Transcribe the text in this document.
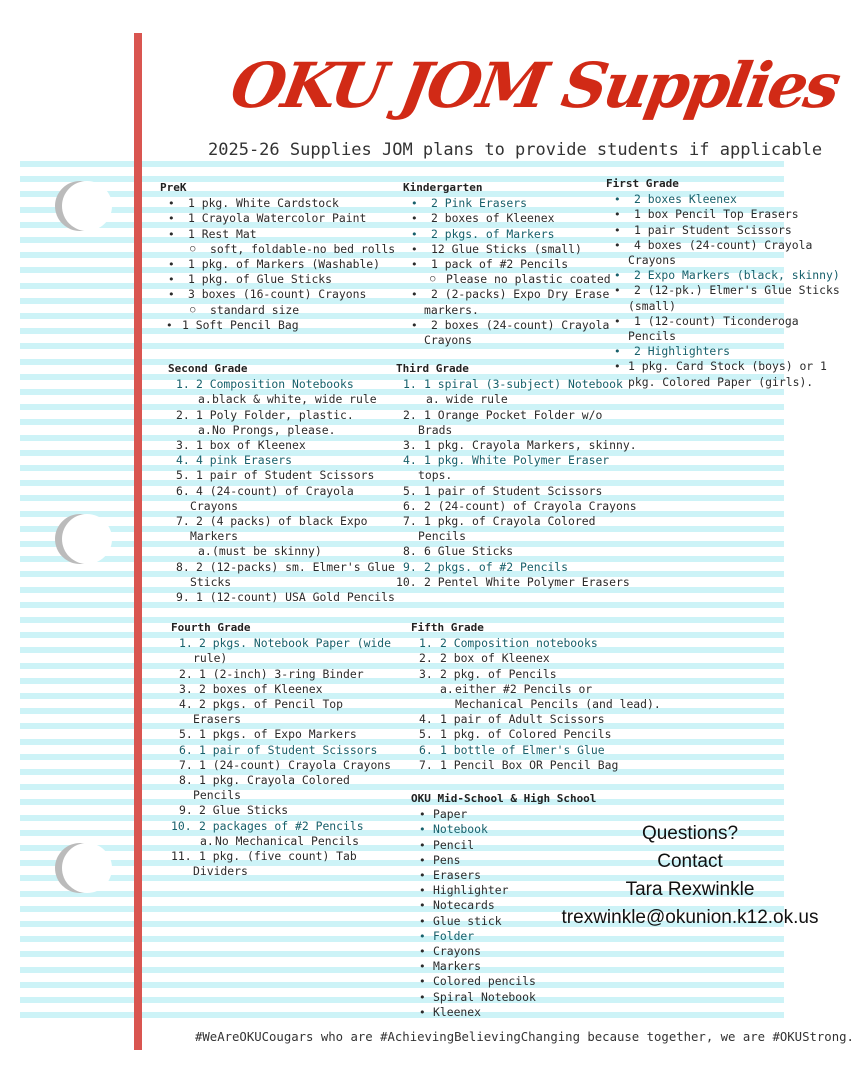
OKU JOM Supplies
2025-26 Supplies JOM plans to provide students if applicable
PreK
• 1 pkg. White Cardstock
• 1 Crayola Watercolor Paint
• 1 Rest Mat
○ soft, foldable-no bed rolls
• 1 pkg. of Markers (Washable)
• 1 pkg. of Glue Sticks
• 3 boxes (16-count) Crayons
○ standard size
• 1 Soft Pencil Bag
Kindergarten
• 2 Pink Erasers
• 2 boxes of Kleenex
• 2 pkgs. of Markers
• 12 Glue Sticks (small)
• 1 pack of #2 Pencils
○ Please no plastic coated
• 2 (2-packs) Expo Dry Erase
markers.
• 2 boxes (24-count) Crayola
Crayons
First Grade
• 2 boxes Kleenex
• 1 box Pencil Top Erasers
• 1 pair Student Scissors
• 4 boxes (24-count) Crayola
Crayons
• 2 Expo Markers (black, skinny)
• 2 (12-pk.) Elmer's Glue Sticks
(small)
• 1 (12-count) Ticonderoga
Pencils
• 2 Highlighters
• 1 pkg. Card Stock (boys) or 1
pkg. Colored Paper (girls).
Second Grade
1. 2 Composition Notebooks
a. black & white, wide rule
2. 1 Poly Folder, plastic.
a. No Prongs, please.
3. 1 box of Kleenex
4. 4 pink Erasers
5. 1 pair of Student Scissors
6. 4 (24-count) of Crayola
Crayons
7. 2 (4 packs) of black Expo
Markers
a. (must be skinny)
8. 2 (12-packs) sm. Elmer's Glue
Sticks
9. 1 (12-count) USA Gold Pencils
Third Grade
1. 1 spiral (3-subject) Notebook
a. wide rule
2. 1 Orange Pocket Folder w/o
Brads
3. 1 pkg. Crayola Markers, skinny.
4. 1 pkg. White Polymer Eraser
tops.
5. 1 pair of Student Scissors
6. 2 (24-count) of Crayola Crayons
7. 1 pkg. of Crayola Colored
Pencils
8. 6 Glue Sticks
9. 2 pkgs. of #2 Pencils
10. 2 Pentel White Polymer Erasers
Fourth Grade
1. 2 pkgs. Notebook Paper (wide
rule)
2. 1 (2-inch) 3-ring Binder
3. 2 boxes of Kleenex
4. 2 pkgs. of Pencil Top
Erasers
5. 1 pkgs. of Expo Markers
6. 1 pair of Student Scissors
7. 1 (24-count) Crayola Crayons
8. 1 pkg. Crayola Colored
Pencils
9. 2 Glue Sticks
10. 2 packages of #2 Pencils
a. No Mechanical Pencils
11. 1 pkg. (five count) Tab
Dividers
Fifth Grade
1. 2 Composition notebooks
2. 2 box of Kleenex
3. 2 pkg. of Pencils
a. either #2 Pencils or
Mechanical Pencils (and lead).
4. 1 pair of Adult Scissors
5. 1 pkg. of Colored Pencils
6. 1 bottle of Elmer's Glue
7. 1 Pencil Box OR Pencil Bag
OKU Mid-School & High School
• Paper
• Notebook
• Pencil
• Pens
• Erasers
• Highlighter
• Notecards
• Glue stick
• Folder
• Crayons
• Markers
• Colored pencils
• Spiral Notebook
• Kleenex
Questions?
Contact
Tara Rexwinkle
trexwinkle@okunion.k12.ok.us
#WeAreOKUCougars who are #AchievingBelievingChanging because together, we are #OKUStrong.
